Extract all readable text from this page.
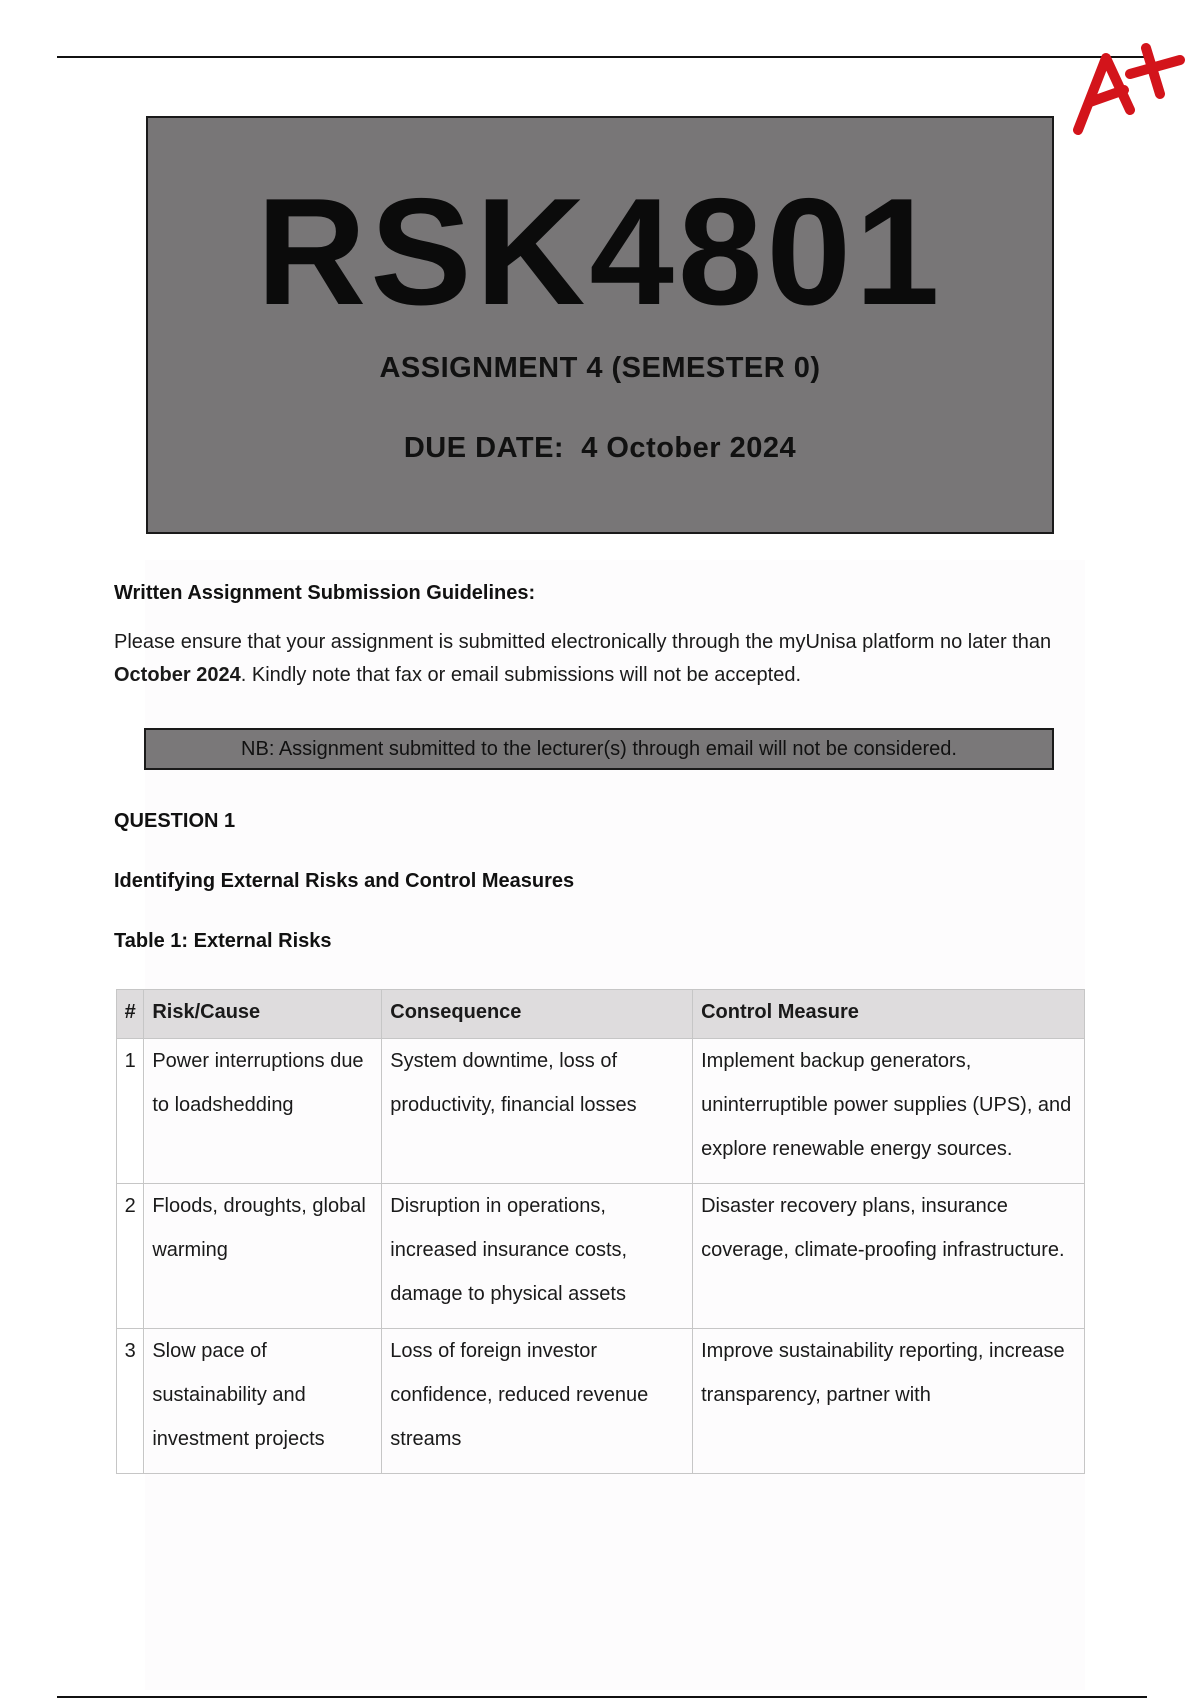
RSK4801
ASSIGNMENT 4 (SEMESTER 0)
DUE DATE:  4 October 2024
Written Assignment Submission Guidelines:
Please ensure that your assignment is submitted electronically through the myUnisa platform no later than October 2024. Kindly note that fax or email submissions will not be accepted.
NB: Assignment submitted to the lecturer(s) through email will not be considered.
QUESTION 1
Identifying External Risks and Control Measures
Table 1: External Risks
#	Risk/Cause	Consequence	Control Measure
1	Power interruptions due to loadshedding	System downtime, loss of productivity, financial losses	Implement backup generators, uninterruptible power supplies (UPS), and explore renewable energy sources.
2	Floods, droughts, global warming	Disruption in operations, increased insurance costs, damage to physical assets	Disaster recovery plans, insurance coverage, climate-proofing infrastructure.
3	Slow pace of sustainability and investment projects	Loss of foreign investor confidence, reduced revenue streams	Improve sustainability reporting, increase transparency, partner with
